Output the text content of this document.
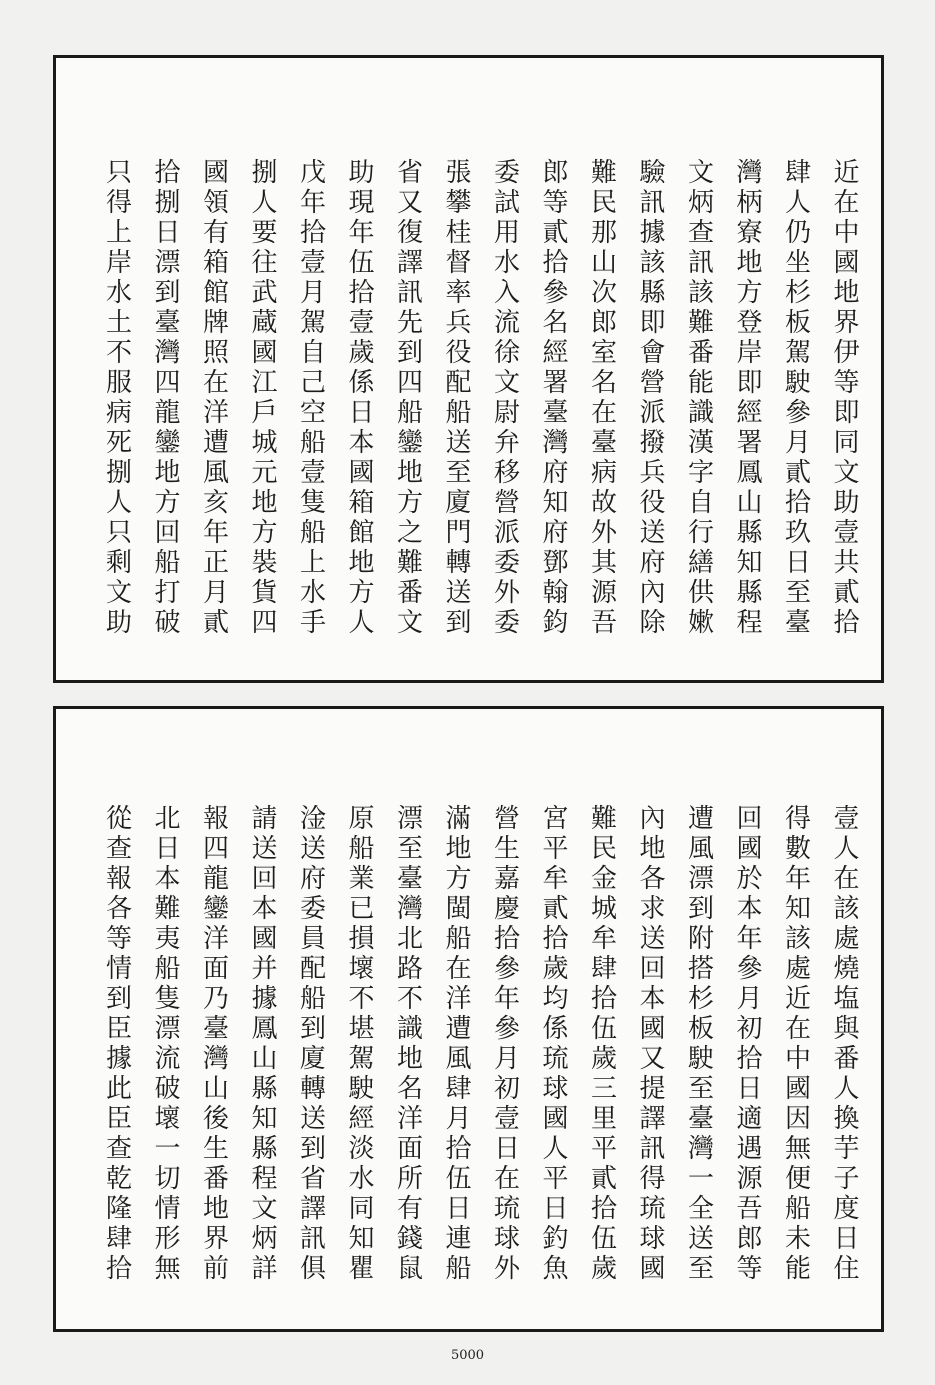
近在中國地界伊等即同文助壹共貳拾
肆人仍坐杉板駕駛參月貳拾玖日至臺
灣柄寮地方登岸即經署鳳山縣知縣程
文炳查訊該難番能識漢字自行繕供嫰
驗訊據該縣即會營派撥兵役送府內除
難民那山次郎室名在臺病故外其源吾
郎等貳拾參名經署臺灣府知府鄧翰鈞
委試用水入流徐文尉弁移營派委外委
張攀桂督率兵役配船送至廈門轉送到
省又復譯訊先到四船鑾地方之難番文
助現年伍拾壹歲係日本國箱館地方人
戊年拾壹月駕自己空船壹隻船上水手
捌人要往武蔵國江戶城元地方裝貨四
國領有箱館牌照在洋遭風亥年正月貳
拾捌日漂到臺灣四龍鑾地方回船打破
只得上岸水土不服病死捌人只剩文助
壹人在該處燒塩與番人換芋子度日住
得數年知該處近在中國因無便船未能
回國於本年參月初拾日適遇源吾郎等
遭風漂到附搭杉板駛至臺灣一全送至
內地各求送回本國又提譯訊得琉球國
難民金城牟肆拾伍歲三里平貳拾伍歲
宮平牟貳拾歲均係琉球國人平日釣魚
營生嘉慶拾參年參月初壹日在琉球外
滿地方閩船在洋遭風肆月拾伍日連船
漂至臺灣北路不識地名洋面所有錢鼠
原船業已損壞不堪駕駛經淡水同知瞿
淦送府委員配船到廈轉送到省譯訊俱
請送回本國并據鳳山縣知縣程文炳詳
報四龍鑾洋面乃臺灣山後生番地界前
北日本難夷船隻漂流破壞一切情形無
從查報各等情到臣據此臣查乾隆肆拾
5000
